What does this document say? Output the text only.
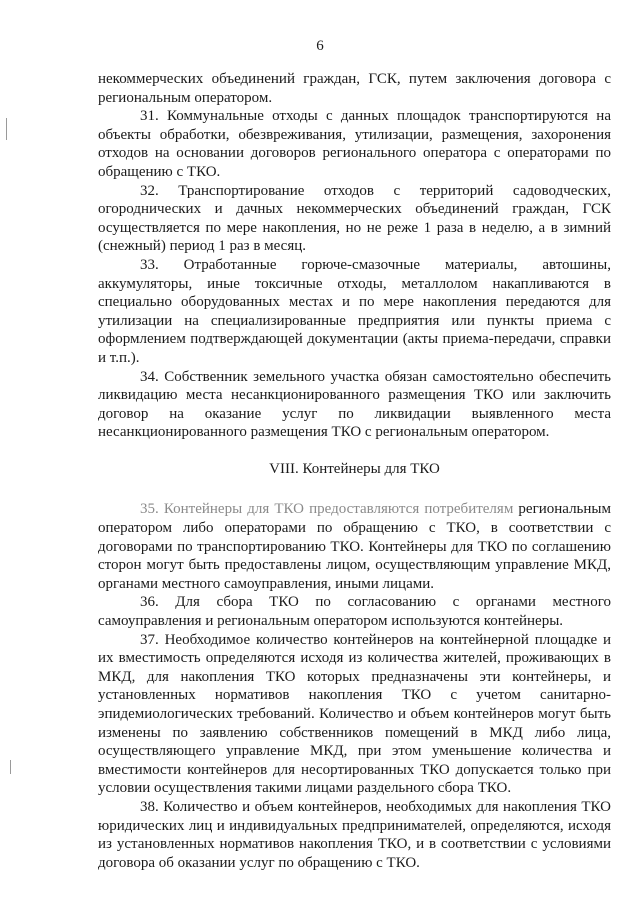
6

некоммерческих объединений граждан, ГСК, путем заключения договора с региональным оператором.

31. Коммунальные отходы с данных площадок транспортируются на объекты обработки, обезвреживания, утилизации, размещения, захоронения отходов на основании договоров регионального оператора с операторами по обращению с ТКО.

32. Транспортирование отходов с территорий садоводческих, огороднических и дачных некоммерческих объединений граждан, ГСК осуществляется по мере накопления, но не реже 1 раза в неделю, а в зимний (снежный) период 1 раз в месяц.

33. Отработанные горюче-смазочные материалы, автошины, аккумуляторы, иные токсичные отходы, металлолом накапливаются в специально оборудованных местах и по мере накопления передаются для утилизации на специализированные предприятия или пункты приема с оформлением подтверждающей документации (акты приема-передачи, справки и т.п.).

34. Собственник земельного участка обязан самостоятельно обеспечить ликвидацию места несанкционированного размещения ТКО или заключить договор на оказание услуг по ликвидации выявленного места несанкционированного размещения ТКО с региональным оператором.

VIII. Контейнеры для ТКО

35. Контейнеры для ТКО предоставляются потребителям региональным оператором либо операторами по обращению с ТКО, в соответствии с договорами по транспортированию ТКО. Контейнеры для ТКО по соглашению сторон могут быть предоставлены лицом, осуществляющим управление МКД, органами местного самоуправления, иными лицами.

36. Для сбора ТКО по согласованию с органами местного самоуправления и региональным оператором используются контейнеры.

37. Необходимое количество контейнеров на контейнерной площадке и их вместимость определяются исходя из количества жителей, проживающих в МКД, для накопления ТКО которых предназначены эти контейнеры, и установленных нормативов накопления ТКО с учетом санитарно-эпидемиологических требований. Количество и объем контейнеров могут быть изменены по заявлению собственников помещений в МКД либо лица, осуществляющего управление МКД, при этом уменьшение количества и вместимости контейнеров для несортированных ТКО допускается только при условии осуществления такими лицами раздельного сбора ТКО.

38. Количество и объем контейнеров, необходимых для накопления ТКО юридических лиц и индивидуальных предпринимателей, определяются, исходя из установленных нормативов накопления ТКО, и в соответствии с условиями договора об оказании услуг по обращению с ТКО.
